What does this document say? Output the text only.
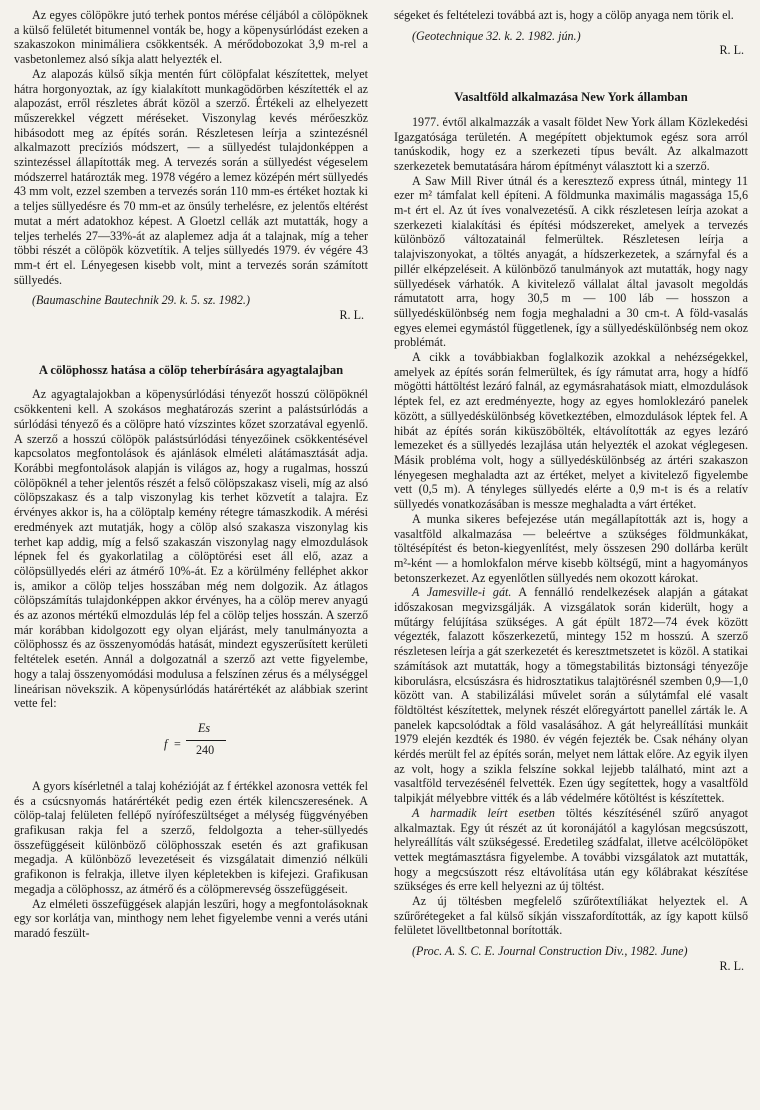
Az egyes cölöpökre jutó terhek pontos mérése céljából a cölöpöknek a külső felületét bitumennel vonták be, hogy a köpenysúrlódást ezeken a szakaszokon minimáliera csökkentsék. A mérődobozokat 3,9 m-rel a vasbetonlemez alsó síkja alatt helyezték el.

Az alapozás külső síkja mentén fúrt cölöpfalat készítettek, melyet hátra horgonyoztak, az így kialakított munkagödörben készítették el az alapozást, erről részletes ábrát közöl a szerző. Értékeli az elhelyezett műszerekkel végzett méréseket. Viszonylag kevés mérőeszköz hibásodott meg az építés során. Részletesen leírja a szintezésnél alkalmazott precíziós módszert, — a süllyedést tulajdonképpen a szintezéssel állapították meg. A tervezés során a süllyedést végeselem módszerrel határozták meg. 1978 végéro a lemez középén mért süllyedés 43 mm volt, ezzel szemben a tervezés során 110 mm-es értéket hoztak ki a teljes süllyedésre és 70 mm-et az önsúly terhelésre, ez jelentős eltérést mutat a mért adatokhoz képest. A Gloetzl cellák azt mutatták, hogy a teljes terhelés 27—33%-át az alaplemez adja át a talajnak, míg a teher többi részét a cölöpök közvetítik. A teljes süllyedés 1979. év végére 43 mm-t ért el. Lényegesen kisebb volt, mint a tervezés során számított süllyedés.

(Baumaschine Bautechnik 29. k. 5. sz. 1982.)

R. L.

A cölöphossz hatása a cölöp teherbírására agyagtalajban

Az agyagtalajokban a köpenysúrlódási tényezőt hosszú cölöpöknél csökkenteni kell. A szokásos meghatározás szerint a palástsúrlódás a súrlódási tényező és a cölöpre ható vízszintes kőzet szorzatával egyenlő. A szerző a hosszú cölöpök palástsúrlódási tényezőinek csökkentésével kapcsolatos megfontolások és ajánlások elméleti alátámasztását adja. Korábbi megfontolások alapján is világos az, hogy a rugalmas, hosszú cölöpöknél a teher jelentős részét a felső cölöpszakasz viseli, míg az alsó cölöpszakasz és a talp viszonylag kis terhet közvetít a talajra. Ez érvényes akkor is, ha a cölöptalp kemény rétegre támaszkodik. A mérési eredmények azt mutatják, hogy a cölöp alsó szakasza viszonylag kis terhet kap addig, míg a felső szakaszán viszonylag nagy elmozdulások lépnek fel és gyakorlatilag a cölöptörési eset áll elő, azaz a cölöpsüllyedés eléri az átmérő 10%-át. Ez a körülmény felléphet akkor is, amikor a cölöp teljes hosszában még nem dolgozik. Az átlagos cölöpszámítás tulajdonképpen akkor érvényes, ha a cölöp merev anyagú és az azonos mértékű elmozdulás lép fel a cölöp teljes hosszán. A szerző már korábban kidolgozott egy olyan eljárást, mely tanulmányozta a cölöphossz és az összenyomódás hatását, mindezt egyszerűsített kerületi feltételek esetén. Annál a dolgozatnál a szerző azt vette figyelembe, hogy a talaj összenyomódási modulusa a felszínen zérus és a mélységgel lineárisan növekszik. A köpenysúrlódás határértékét az alábbiak szerint vette fel:

f =
Es
240

A gyors kísérletnél a talaj kohézióját az f értékkel azonosra vették fel és a csúcsnyomás határértékét pedig ezen érték kilencszeresének. A cölöp-talaj felületen fellépő nyírófeszültséget a mélység függvényében grafikusan rakja fel a szerző, feldolgozta a teher-süllyedés összefüggéseit különböző cölöphosszak esetén és azt grafikusan megadja. A különböző levezetéseit és vizsgálatait dimenzió nélküli grafikonon is felrakja, illetve ilyen képletekben is kifejezi. Grafikusan megadja a cölöphossz, az átmérő és a cölöpmerevség összefüggéseit.

Az elméleti összefüggések alapján leszűri, hogy a megfontolásoknak egy sor korlátja van, minthogy nem lehet figyelembe venni a verés utáni maradó feszült-

ségeket és feltételezi továbbá azt is, hogy a cölöp anyaga nem törik el.

(Geotechnique 32. k. 2. 1982. jún.)

R. L.

Vasaltföld alkalmazása New York államban

1977. évtől alkalmazzák a vasalt földet New York állam Közlekedési Igazgatósága területén. A megépített objektumok egész sora arról tanúskodik, hogy ez a szerkezeti típus bevált. Az alkalmazott szerkezetek bemutatására három építményt választott ki a szerző.

A Saw Mill River útnál és a keresztező express útnál, mintegy 11 ezer m² támfalat kell építeni. A földmunka maximális magassága 15,6 m-t ért el. Az út íves vonalvezetésű. A cikk részletesen leírja azokat a szerkezeti kialakítási és építési módszereket, amelyek a tervezés különböző változatainál felmerültek. Részletesen leírja a talajviszonyokat, a töltés anyagát, a hídszerkezetek, a szárnyfal és a pillér elképzeléseit. A különböző tanulmányok azt mutatták, hogy nagy süllyedések várhatók. A kivitelező vállalat által javasolt megoldás rámutatott arra, hogy 30,5 m — 100 láb — hosszon a süllyedéskülönbség nem fogja meghaladni a 30 cm-t. A föld-vasalás egyes elemei egymástól függetlenek, így a süllyedéskülönbség nem okoz problémát.

A cikk a továbbiakban foglalkozik azokkal a nehézségekkel, amelyek az építés során felmerültek, és így rámutat arra, hogy a hídfő mögötti háttöltést lezáró falnál, az egymásrahatások miatt, elmozdulások léptek fel, ez azt eredményezte, hogy az egyes homloklezáró panelek között, a süllyedéskülönbség következtében, elmozdulások léptek fel. A hibát az építés során kiküszöbölték, eltávolították az egyes lezáró lemezeket és a süllyedés lezajlása után helyezték el azokat véglegesen. Másik probléma volt, hogy a süllyedéskülönbség az ártéri szakaszon lényegesen meghaladta azt az értéket, melyet a kivitelező figyelembe vett (0,5 m). A tényleges süllyedés elérte a 0,9 m-t is és a relatív süllyedés vonatkozásában is messze meghaladta a várt értéket.

A munka sikeres befejezése után megállapították azt is, hogy a vasaltföld alkalmazása — beleértve a szükséges földmunkákat, töltésépítést és beton-kiegyenlítést, mely összesen 290 dollárba került m²-ként — a homlokfalon mérve kisebb költségű, mint a hagyományos betonszerkezet. Az egyenlőtlen süllyedés nem okozott károkat.

A Jamesville-i gát. A fennálló rendelkezések alapján a gátakat időszakosan megvizsgálják. A vizsgálatok során kiderült, hogy a műtárgy felújítása szükséges. A gát épült 1872—74 évek között végezték, falazott kőszerkezetű, mintegy 152 m hosszú. A szerző részletesen leírja a gát szerkezetét és keresztmetszetet is közöl. A statikai számítások azt mutatták, hogy a tömegstabilitás biztonsági tényezője kiborulásra, elcsúszásra és hidrosztatikus talajtörésnél szemben 0,9—1,0 között van. A stabilizálási művelet során a súlytámfal elé vasalt földtöltést készítettek, melynek részét előregyártott panellel zárták le. A panelek kapcsolódtak a föld vasalásához. A gát helyreállítási munkáit 1979 elején kezdték és 1980. év végén fejezték be. Csak néhány olyan kérdés merült fel az építés során, melyet nem láttak előre. Az egyik ilyen az volt, hogy a szikla felszíne sokkal lejjebb található, mint azt a vasaltföld tervezésénél felvették. Ezen úgy segítettek, hogy a vasaltföld talpikját mélyebbre vitték és a láb védelmére kőtöltést is készítettek.

A harmadik leírt esetben töltés készítésénél szűrő anyagot alkalmaztak. Egy út részét az út koronájától a kagylósan megcsúszott, helyreállítás vált szükségessé. Eredetileg szádfalat, illetve acélcölöpöket vettek megtámasztásra figyelembe. A további vizsgálatok azt mutatták, hogy a megcsúszott rész eltávolítása után egy kőlábrakat készítése szükséges és erre kell helyezni az új töltést.

Az új töltésben megfelelő szűrőtextíliákat helyeztek el. A szűrőrétegeket a fal külső síkján visszafordították, az így kapott külső felületet lövelltbetonnal borították.

(Proc. A. S. C. E. Journal Construction Div., 1982. June)

R. L.
